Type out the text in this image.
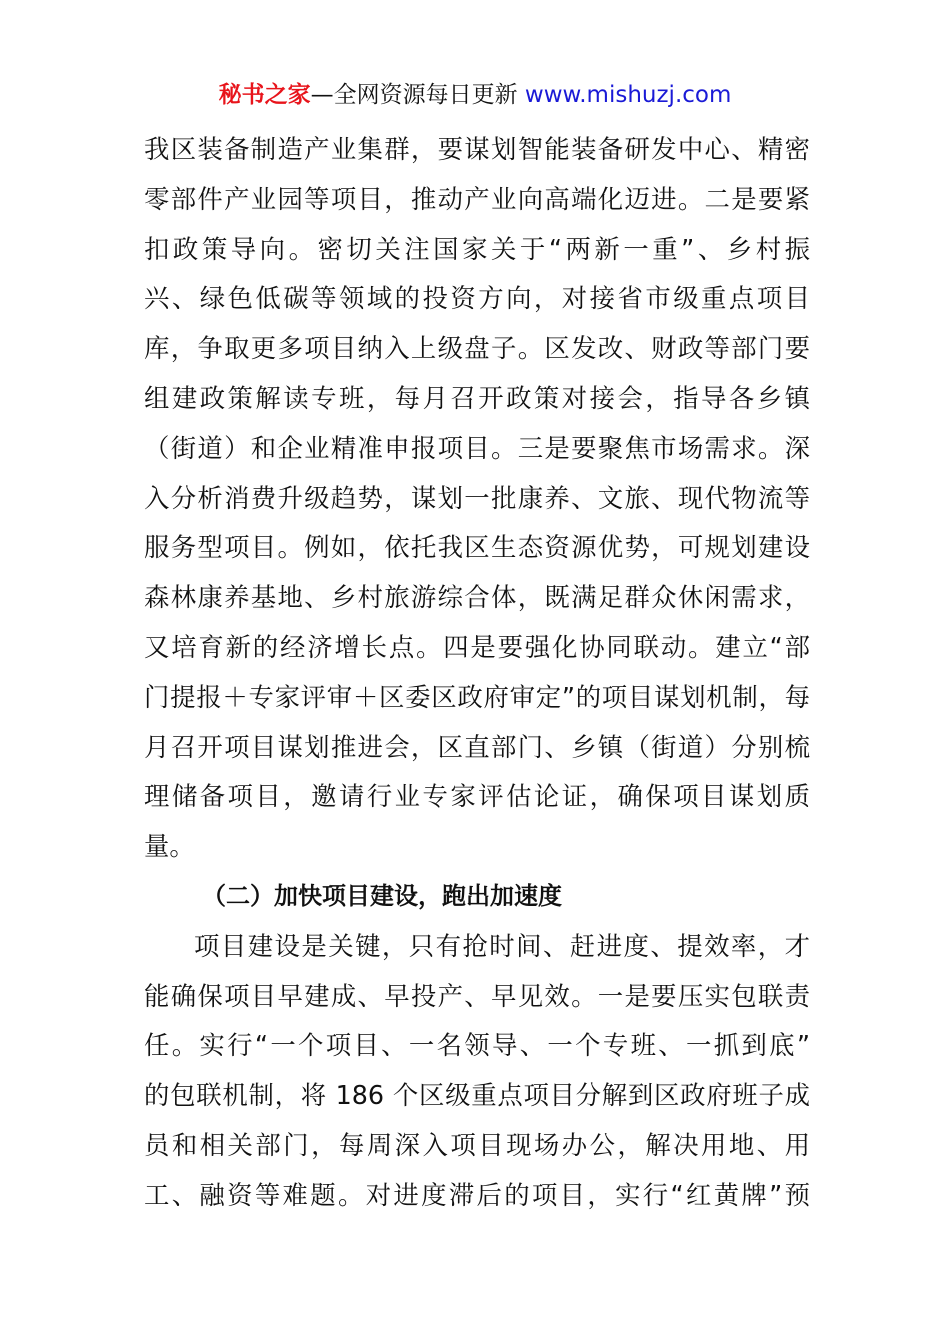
秘书之家—全网资源每日更新 www.mishuzj.com
我区装备制造产业集群，要谋划智能装备研发中心、精密
零部件产业园等项目，推动产业向高端化迈进。二是要紧
扣政策导向。密切关注国家关于“两新一重”、乡村振
兴、绿色低碳等领域的投资方向，对接省市级重点项目
库，争取更多项目纳入上级盘子。区发改、财政等部门要
组建政策解读专班，每月召开政策对接会，指导各乡镇
（街道）和企业精准申报项目。三是要聚焦市场需求。深
入分析消费升级趋势，谋划一批康养、文旅、现代物流等
服务型项目。例如，依托我区生态资源优势，可规划建设
森林康养基地、乡村旅游综合体，既满足群众休闲需求，
又培育新的经济增长点。四是要强化协同联动。建立“部
门提报＋专家评审＋区委区政府审定”的项目谋划机制，每
月召开项目谋划推进会，区直部门、乡镇（街道）分别梳
理储备项目，邀请行业专家评估论证，确保项目谋划质
量。
（二）加快项目建设，跑出加速度
项目建设是关键，只有抢时间、赶进度、提效率，才
能确保项目早建成、早投产、早见效。一是要压实包联责
任。实行“一个项目、一名领导、一个专班、一抓到底”
的包联机制，将 186 个区级重点项目分解到区政府班子成
员和相关部门，每周深入项目现场办公，解决用地、用
工、融资等难题。对进度滞后的项目，实行“红黄牌”预
